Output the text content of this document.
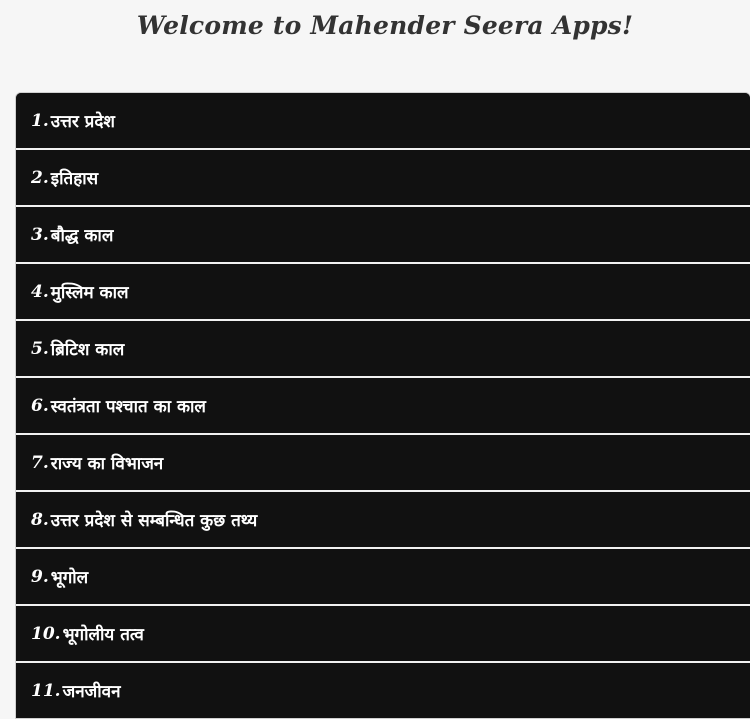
Welcome to Mahender Seera Apps!
1. उत्तर प्रदेश
2. इतिहास
3. बौद्ध काल
4. मुस्लिम काल
5. ब्रिटिश काल
6. स्वतंत्रता पश्चात का काल
7. राज्य का विभाजन
8. उत्तर प्रदेश से सम्बन्धित कुछ तथ्य
9. भूगोल
10. भूगोलीय तत्व
11. जनजीवन
